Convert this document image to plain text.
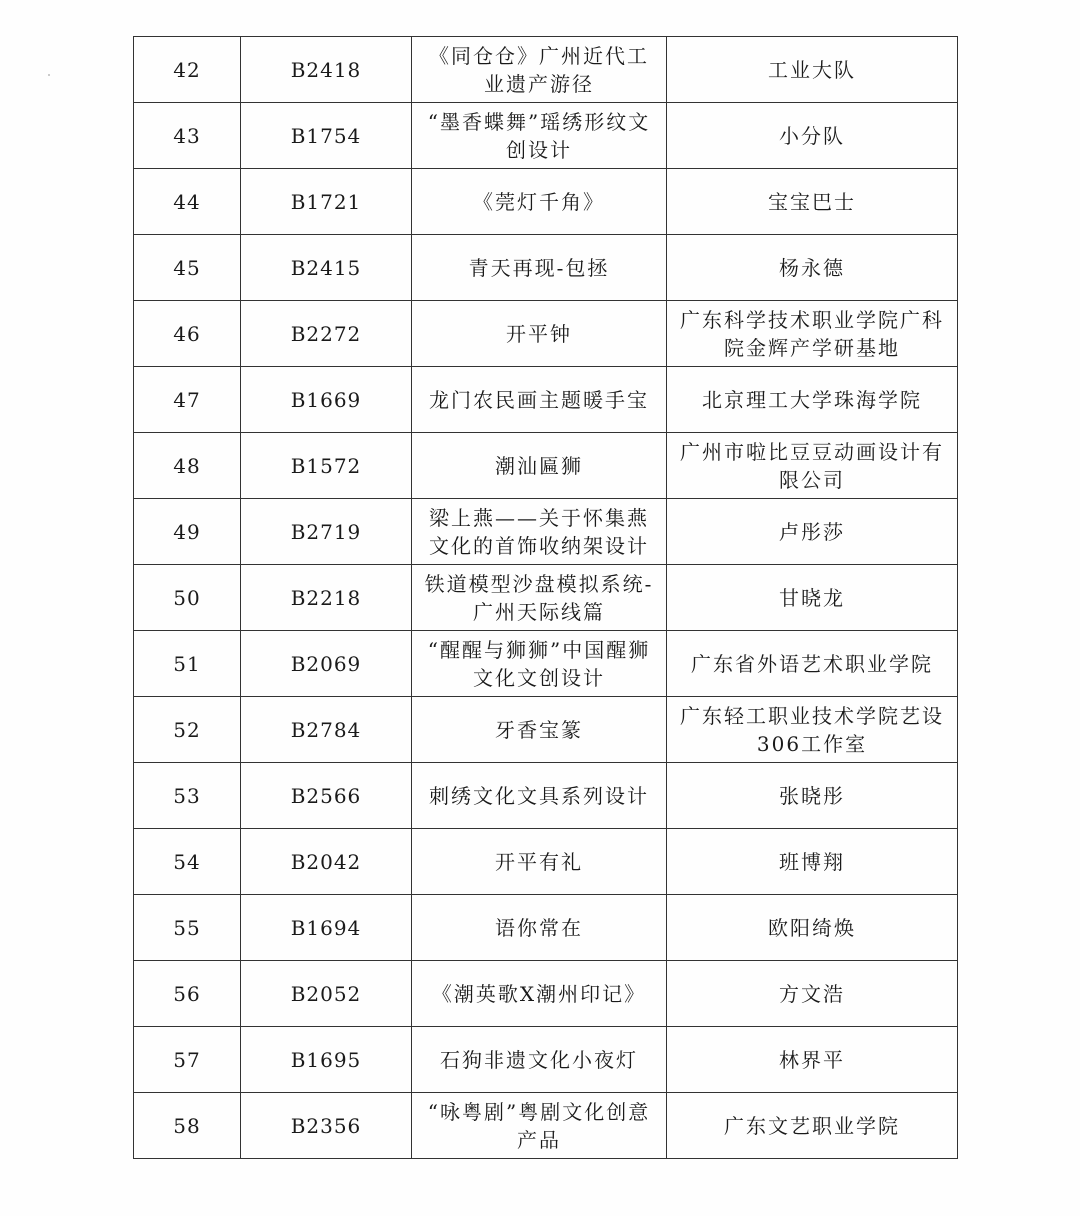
42	B2418	《同仓仓》广州近代工业遗产游径	工业大队
43	B1754	“墨香蝶舞”瑶绣形纹文创设计	小分队
44	B1721	《莞灯千角》	宝宝巴士
45	B2415	青天再现-包拯	杨永德
46	B2272	开平钟	广东科学技术职业学院广科院金辉产学研基地
47	B1669	龙门农民画主题暖手宝	北京理工大学珠海学院
48	B1572	潮汕匾狮	广州市啦比豆豆动画设计有限公司
49	B2719	梁上燕——关于怀集燕文化的首饰收纳架设计	卢彤莎
50	B2218	铁道模型沙盘模拟系统-广州天际线篇	甘晓龙
51	B2069	“醒醒与狮狮”中国醒狮文化文创设计	广东省外语艺术职业学院
52	B2784	牙香宝篆	广东轻工职业技术学院艺设306工作室
53	B2566	刺绣文化文具系列设计	张晓彤
54	B2042	开平有礼	班博翔
55	B1694	语你常在	欧阳绮焕
56	B2052	《潮英歌X潮州印记》	方文浩
57	B1695	石狗非遗文化小夜灯	林界平
58	B2356	“咏粤剧”粤剧文化创意产品	广东文艺职业学院
